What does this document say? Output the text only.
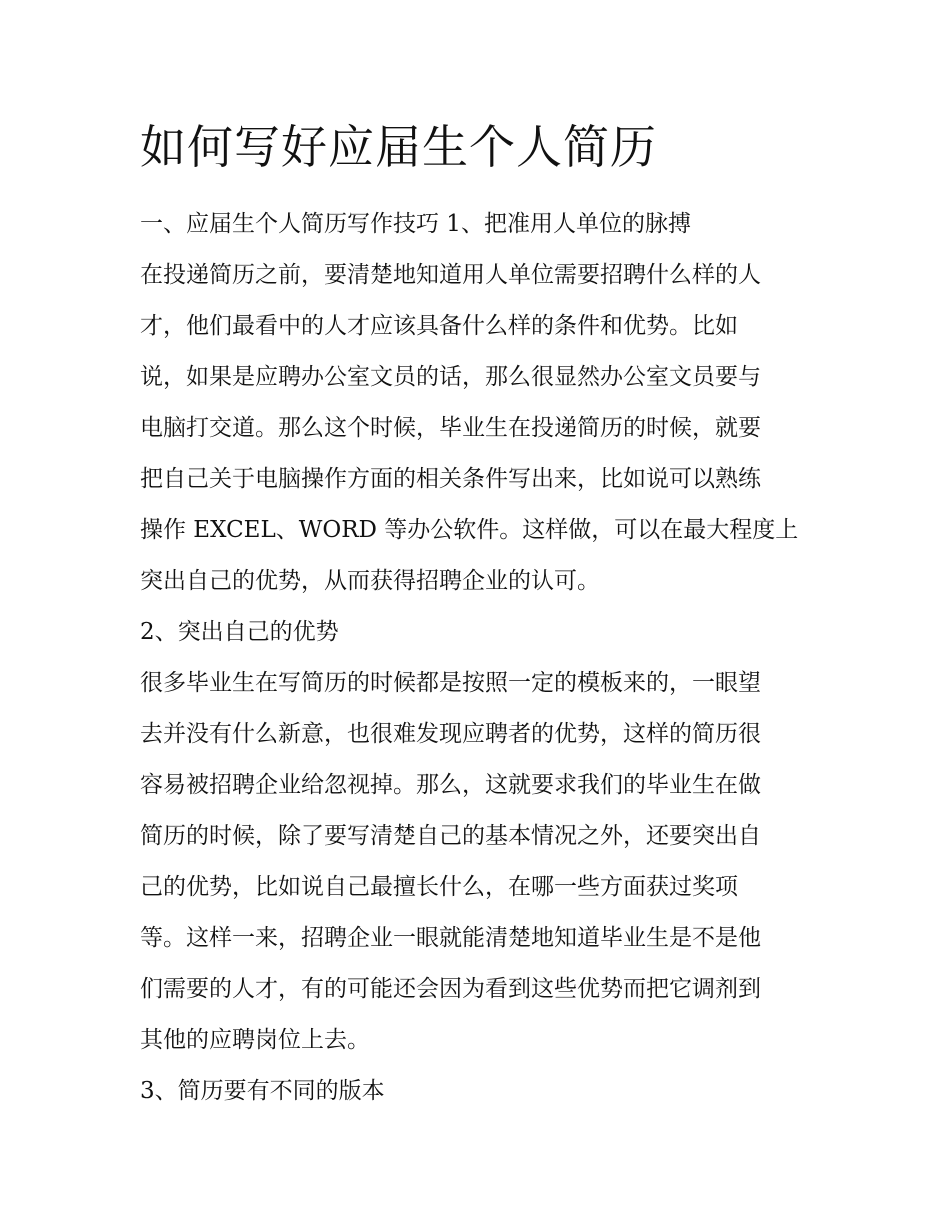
如何写好应届生个人简历

一、应届生个人简历写作技巧 1、把准用人单位的脉搏

在投递简历之前，要清楚地知道用人单位需要招聘什么样的人

才，他们最看中的人才应该具备什么样的条件和优势。比如

说，如果是应聘办公室文员的话，那么很显然办公室文员要与

电脑打交道。那么这个时候，毕业生在投递简历的时候，就要

把自己关于电脑操作方面的相关条件写出来，比如说可以熟练

操作 EXCEL、WORD 等办公软件。这样做，可以在最大程度上

突出自己的优势，从而获得招聘企业的认可。

2、突出自己的优势

很多毕业生在写简历的时候都是按照一定的模板来的，一眼望

去并没有什么新意，也很难发现应聘者的优势，这样的简历很

容易被招聘企业给忽视掉。那么，这就要求我们的毕业生在做

简历的时候，除了要写清楚自己的基本情况之外，还要突出自

己的优势，比如说自己最擅长什么，在哪一些方面获过奖项

等。这样一来，招聘企业一眼就能清楚地知道毕业生是不是他

们需要的人才，有的可能还会因为看到这些优势而把它调剂到

其他的应聘岗位上去。

3、简历要有不同的版本
